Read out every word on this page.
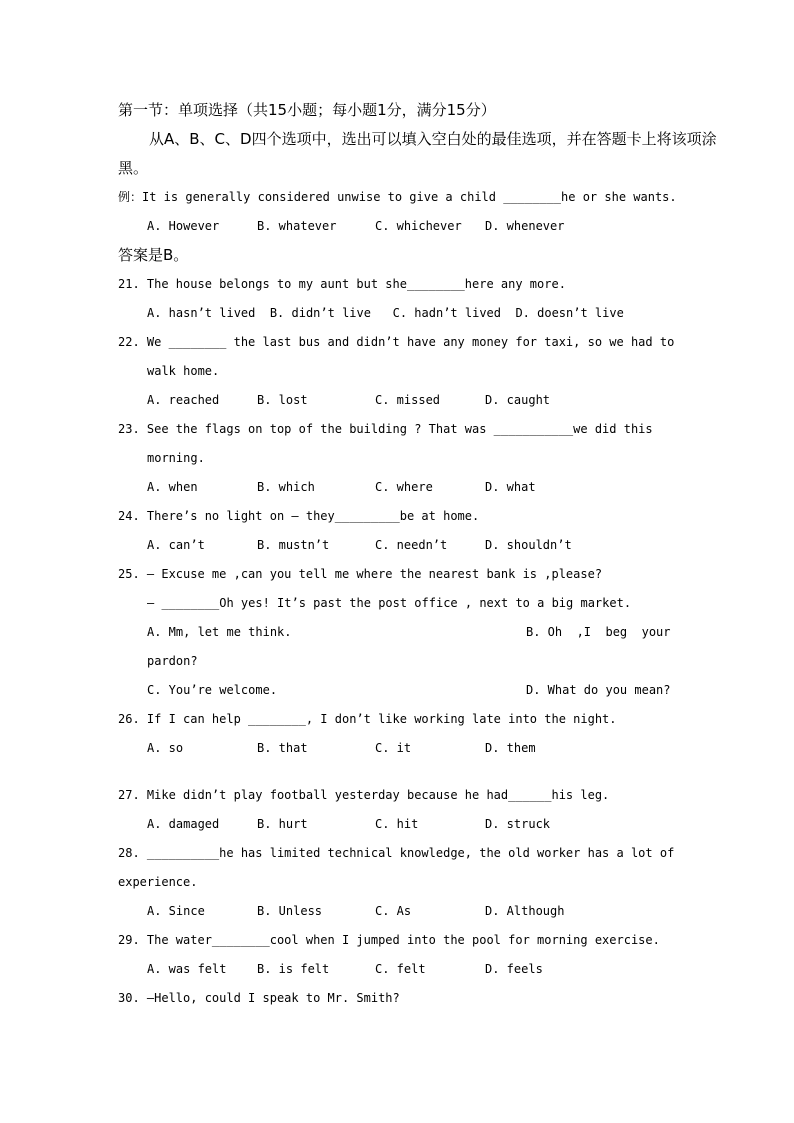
第一节：单项选择（共15小题；每小题1分，满分15分）
从A、B、C、D四个选项中，选出可以填入空白处的最佳选项，并在答题卡上将该项涂
黑。
例：It is generally considered unwise to give a child ________he or she wants.

A. However

	B. whatever

	C. whichever

D. whenever

答案是B。
21. The house belongs to my aunt but she________here any more.
A. hasn’t lived  B. didn’t live   C. hadn’t lived  D. doesn’t live
22. We ________ the last bus and didn’t have any money for taxi, so we had to
walk home.

A. reached

	B. lost

	C. missed

	D. caught

23. See the flags on top of the building ? That was ___________we did this
morning.

A. when

	B. which

	C. where

	D. what

24. There’s no light on — they_________be at home.

A. can’t

	B. mustn’t

	C. needn’t

	D. shouldn’t

25. — Excuse me ,can you tell me where the nearest bank is ,please?
— ________Oh yes! It’s past the post office , next to a big market.

A. Mm, let me think.

	B. Oh  ,I  beg  your

pardon?

C. You’re welcome.

	D. What do you mean?

26. If I can help ________, I don’t like working late into the night.

A. so

	B. that

	C. it

	D. them

27. Mike didn’t play football yesterday because he had______his leg.

A. damaged

	B. hurt

	C. hit

	D. struck

28. __________he has limited technical knowledge, the old worker has a lot of
experience.

A. Since

	B. Unless

	C. As

	D. Although

29. The water________cool when I jumped into the pool for morning exercise.

A. was felt

	B. is felt

	C. felt

	D. feels

30. —Hello, could I speak to Mr. Smith?
